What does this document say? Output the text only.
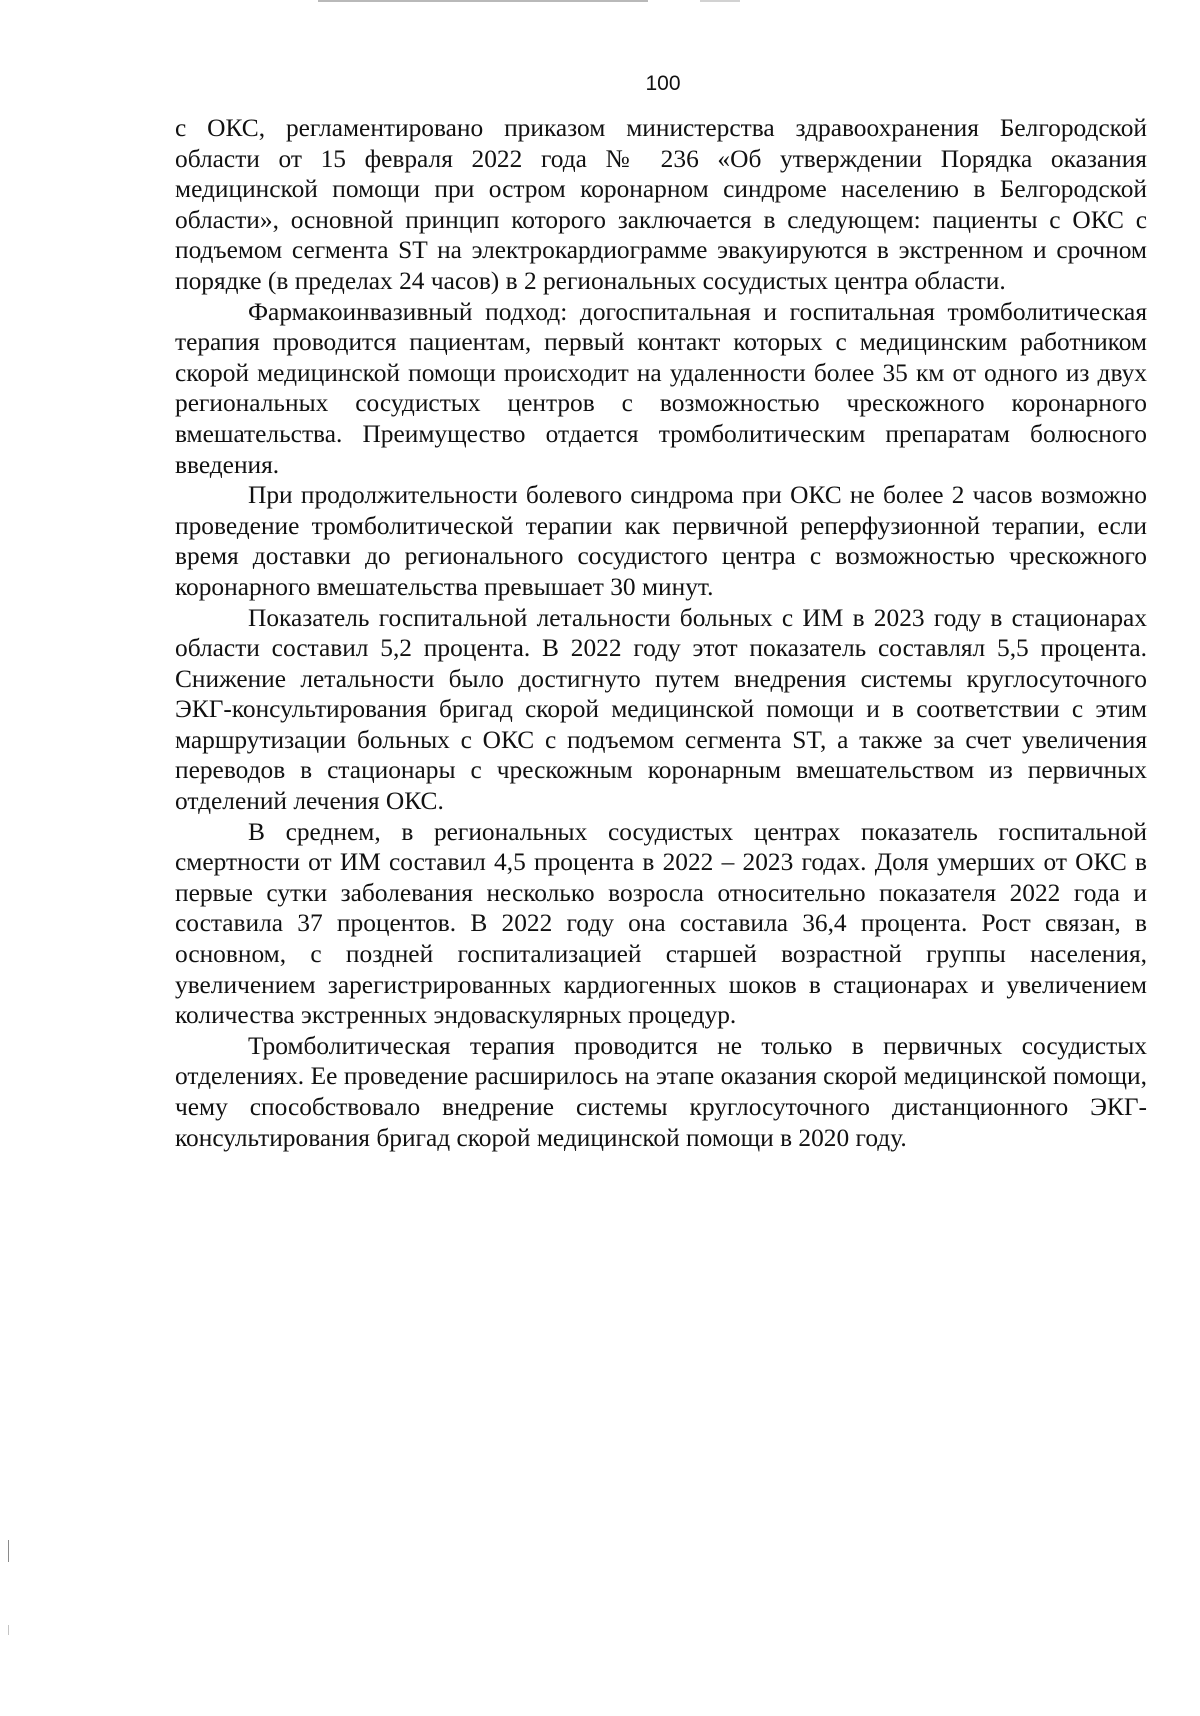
100

с ОКС, регламентировано приказом министерства здравоохранения Белгородской области от 15 февраля 2022 года № 236 «Об утверждении Порядка оказания медицинской помощи при остром коронарном синдроме населению в Белгородской области», основной принцип которого заключается в следующем: пациенты с ОКС с подъемом сегмента ST на электрокардиограмме эвакуируются в экстренном и срочном порядке (в пределах 24 часов) в 2 региональных сосудистых центра области.

Фармакоинвазивный подход: догоспитальная и госпитальная тромболитическая терапия проводится пациентам, первый контакт которых с медицинским работником скорой медицинской помощи происходит на удаленности более 35 км от одного из двух региональных сосудистых центров с возможностью чрескожного коронарного вмешательства. Преимущество отдается тромболитическим препаратам болюсного введения.

При продолжительности болевого синдрома при ОКС не более 2 часов возможно проведение тромболитической терапии как первичной реперфузионной терапии, если время доставки до регионального сосудистого центра с возможностью чрескожного коронарного вмешательства превышает 30 минут.

Показатель госпитальной летальности больных с ИМ в 2023 году в стационарах области составил 5,2 процента. В 2022 году этот показатель составлял 5,5 процента. Снижение летальности было достигнуто путем внедрения системы круглосуточного ЭКГ-консультирования бригад скорой медицинской помощи и в соответствии с этим маршрутизации больных с ОКС с подъемом сегмента ST, а также за счет увеличения переводов в стационары с чрескожным коронарным вмешательством из первичных отделений лечения ОКС.

В среднем, в региональных сосудистых центрах показатель госпитальной смертности от ИМ составил 4,5 процента в 2022 – 2023 годах. Доля умерших от ОКС в первые сутки заболевания несколько возросла относительно показателя 2022 года и составила 37 процентов. В 2022 году она составила 36,4 процента. Рост связан, в основном, с поздней госпитализацией старшей возрастной группы населения, увеличением зарегистрированных кардиогенных шоков в стационарах и увеличением количества экстренных эндоваскулярных процедур.

Тромболитическая терапия проводится не только в первичных сосудистых отделениях. Ее проведение расширилось на этапе оказания скорой медицинской помощи, чему способствовало внедрение системы круглосуточного дистанционного ЭКГ-консультирования бригад скорой медицинской помощи в 2020 году.
